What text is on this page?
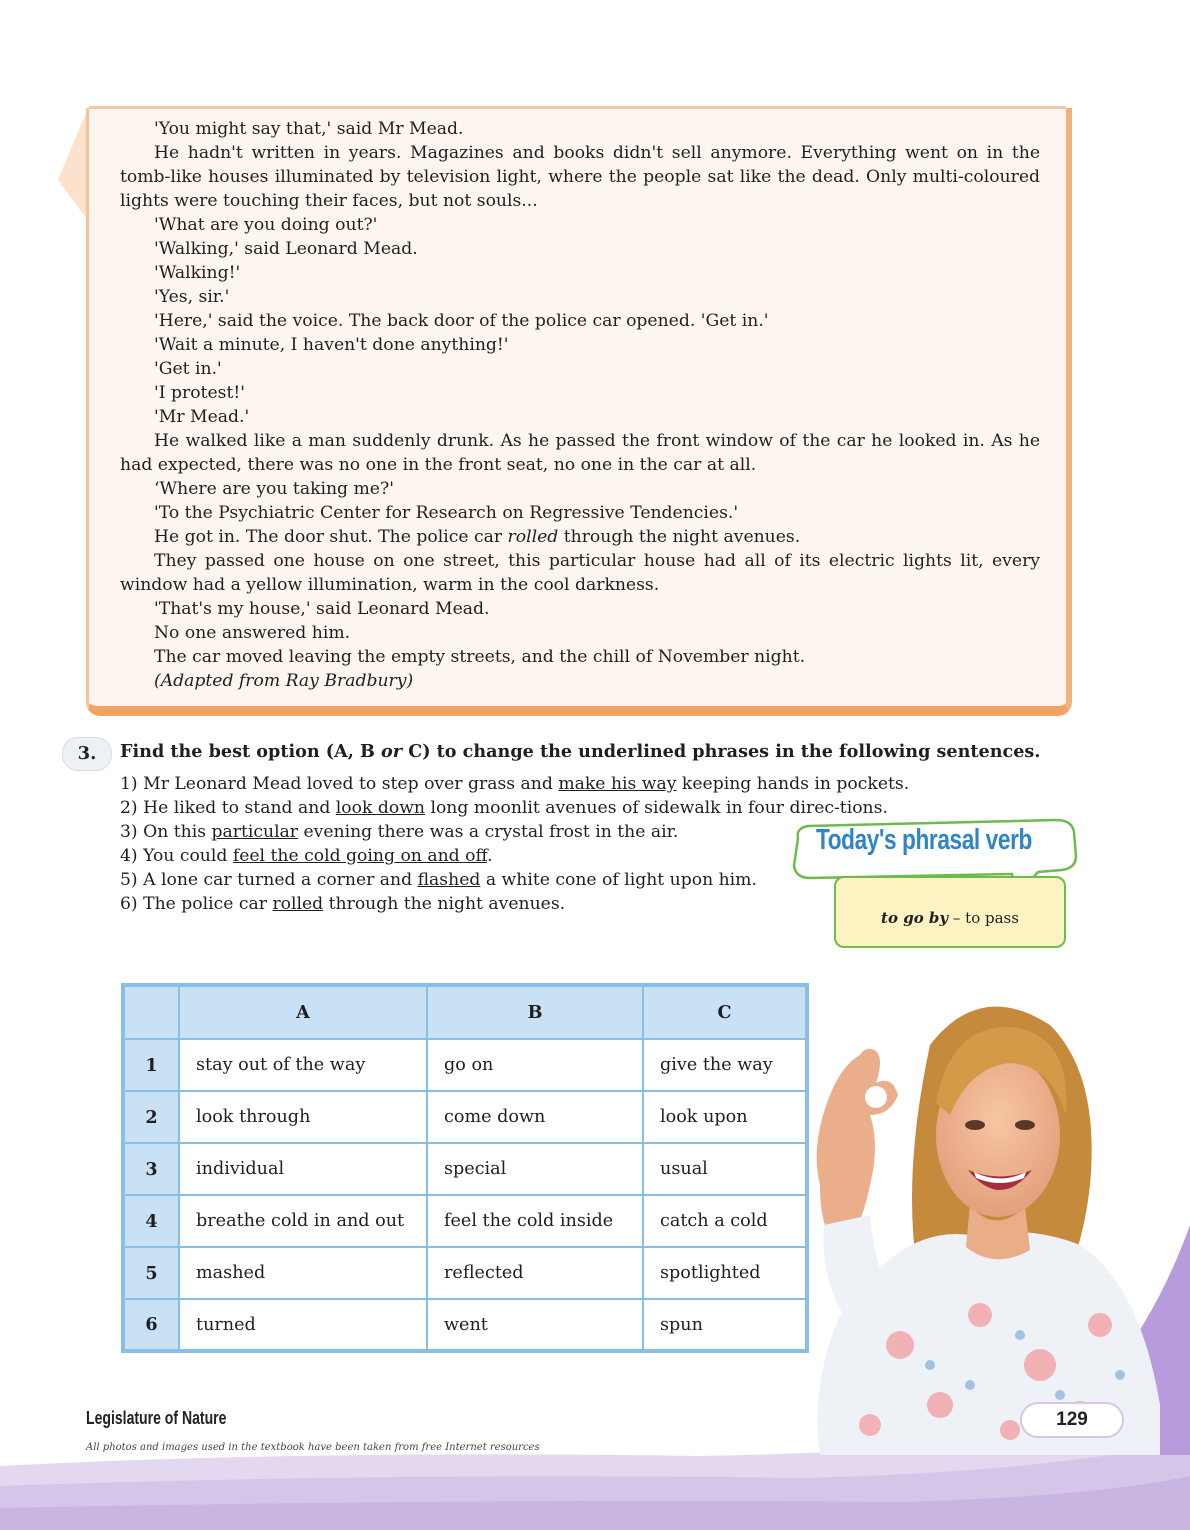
'You might say that,' said Mr Mead.

He hadn't written in years. Magazines and books didn't sell anymore. Everything went on in the tomb-like houses illuminated by television light, where the people sat like the dead. Only multi-coloured lights were touching their faces, but not souls...

'What are you doing out?'

'Walking,' said Leonard Mead.

'Walking!'

'Yes, sir.'

'Here,' said the voice. The back door of the police car opened. 'Get in.'

'Wait a minute, I haven't done anything!'

'Get in.'

'I protest!'

'Mr Mead.'

He walked like a man suddenly drunk. As he passed the front window of the car he looked in. As he had expected, there was no one in the front seat, no one in the car at all.

‘Where are you taking me?'

'To the Psychiatric Center for Research on Regressive Tendencies.'

He got in. The door shut. The police car rolled through the night avenues.

They passed one house on one street, this particular house had all of its electric lights lit, every window had a yellow illumination, warm in the cool darkness.

'That's my house,' said Leonard Mead.

No one answered him.

The car moved leaving the empty streets, and the chill of November night.

(Adapted from Ray Bradbury)

3.	Find the best option (A, B or C) to change the underlined phrases in the following sentences.
1) Mr Leonard Mead loved to step over grass and make his way keeping hands in pockets.
2) He liked to stand and look down long moonlit avenues of sidewalk in four direc-tions.
3) On this particular evening there was a crystal frost in the air.
4) You could feel the cold going on and off.
5) A lone car turned a corner and flashed a white cone of light upon him.
6) The police car rolled through the night avenues.
Today's phrasal verb
to go by – to pass
	A	B	C
1	stay out of the way	go on	give the way
2	look through	come down	look upon
3	individual	special	usual
4	breathe cold in and out	feel the cold inside	catch a cold
5	mashed	reflected	spotlighted
6	turned	went	spun
Legislature of Nature	129
All photos and images used in the textbook have been taken from free Internet resources
